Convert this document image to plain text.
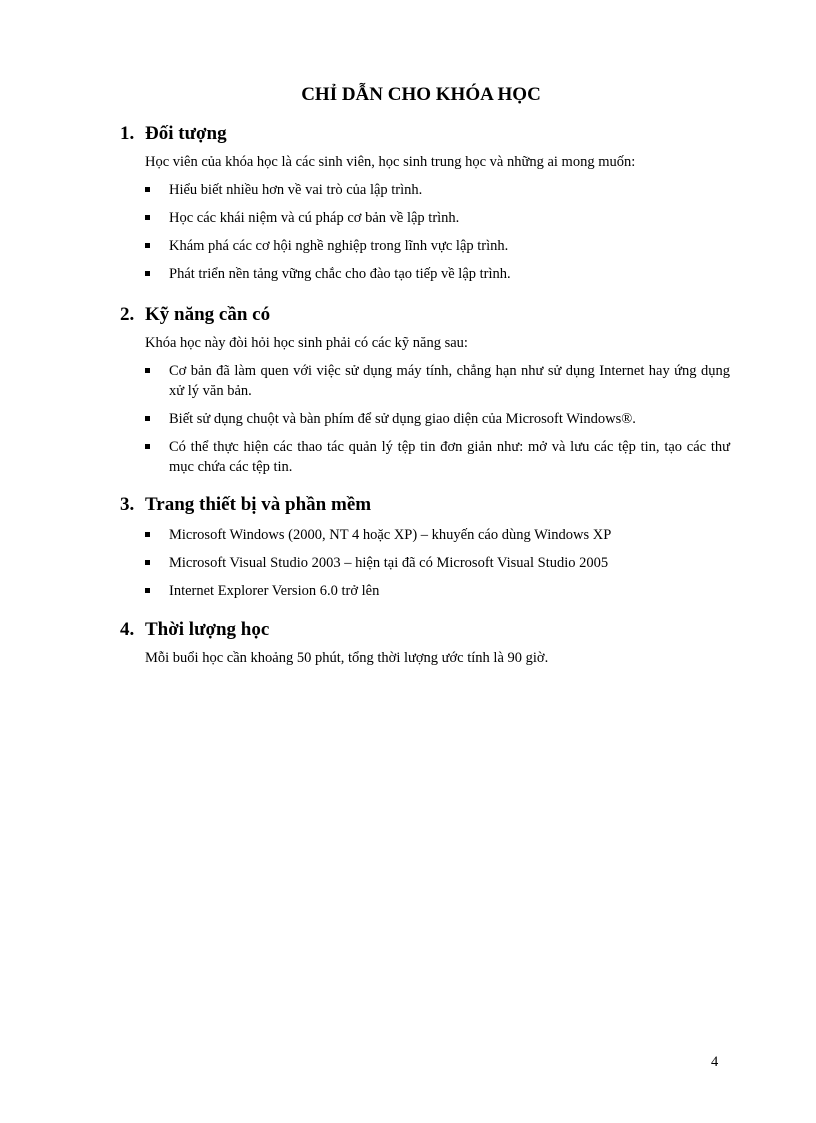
CHỈ DẪN CHO KHÓA HỌC
1. Đối tượng
Học viên của khóa học là các sinh viên, học sinh trung học và những ai mong muốn:
Hiểu biết nhiều hơn về vai trò của lập trình.
Học các khái niệm và cú pháp cơ bản về lập trình.
Khám phá các cơ hội nghề nghiệp trong lĩnh vực lập trình.
Phát triển nền tảng vững chắc cho đào tạo tiếp về lập trình.
2. Kỹ năng cần có
Khóa học này đòi hỏi học sinh phải có các kỹ năng sau:
Cơ bản đã làm quen với việc sử dụng máy tính, chẳng hạn như sử dụng Internet hay ứng dụng xử lý văn bản.
Biết sử dụng chuột và bàn phím để sử dụng giao diện của Microsoft Windows®.
Có thể thực hiện các thao tác quản lý tệp tin đơn giản như: mở và lưu các tệp tin, tạo các thư mục chứa các tệp tin.
3. Trang thiết bị và phần mềm
Microsoft Windows (2000, NT 4 hoặc XP) – khuyến cáo dùng Windows XP
Microsoft Visual Studio 2003 – hiện tại đã có Microsoft Visual Studio 2005
Internet Explorer Version 6.0 trở lên
4. Thời lượng học
Mỗi buổi học cần khoảng 50 phút, tổng thời lượng ước tính là 90 giờ.
4
